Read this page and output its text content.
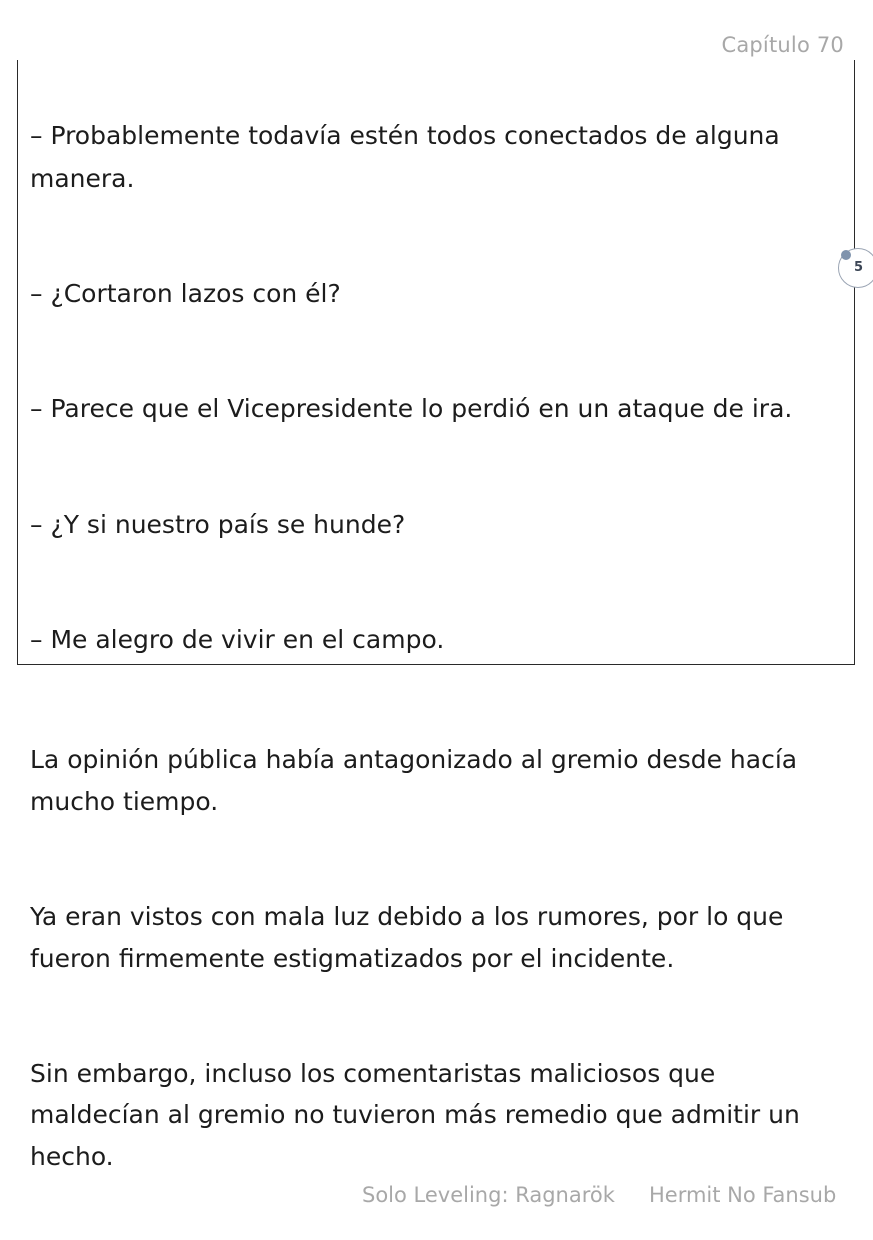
Capítulo 70
– Probablemente todavía estén todos conectados de alguna
manera.
– ¿Cortaron lazos con él?
– Parece que el Vicepresidente lo perdió en un ataque de ira.
– ¿Y si nuestro país se hunde?
– Me alegro de vivir en el campo.
5
La opinión pública había antagonizado al gremio desde hacía
mucho tiempo.
Ya eran vistos con mala luz debido a los rumores, por lo que
fueron firmemente estigmatizados por el incidente.
Sin embargo, incluso los comentaristas maliciosos que
maldecían al gremio no tuvieron más remedio que admitir un
hecho.
Solo Leveling: Ragnarök Hermit No Fansub
